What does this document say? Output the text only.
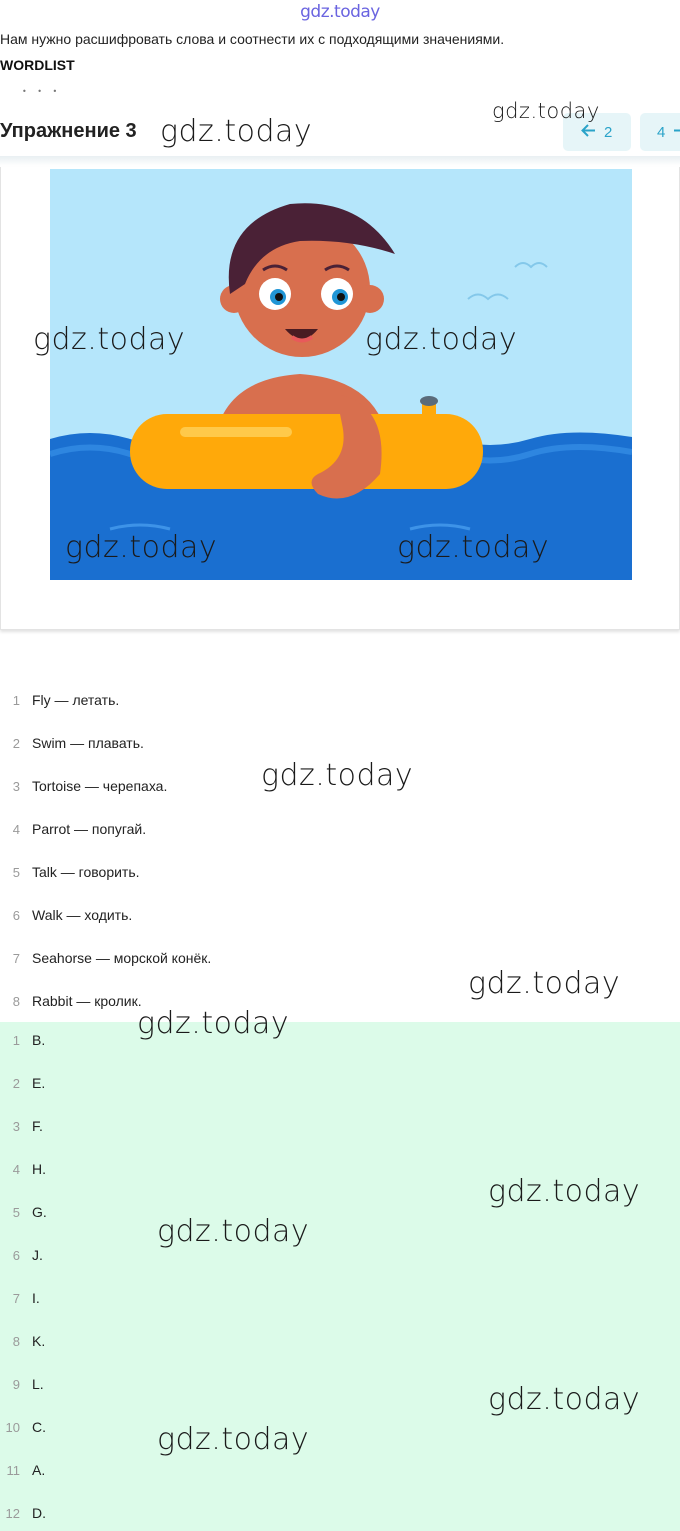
gdz.today
Нам нужно расшифровать слова и соотнести их с подходящими значениями.
WORDLIST
• • •
Упражнение 3	2	4
1 Fly — летать.
2 Swim — плавать.
3 Tortoise — черепаха.
4 Parrot — попугай.
5 Talk — говорить.
6 Walk — ходить.
7 Seahorse — морской конёк.
8 Rabbit — кролик.
1 B.
2 E.
3 F.
4 H.
5 G.
6 J.
7 I.
8 K.
9 L.
10 C.
11 A.
12 D.
gdz.today
gdz.today
gdz.today	gdz.today
gdz.today	gdz.today
gdz.today
gdz.today
gdz.today
gdz.today
gdz.today
gdz.today
gdz.today
